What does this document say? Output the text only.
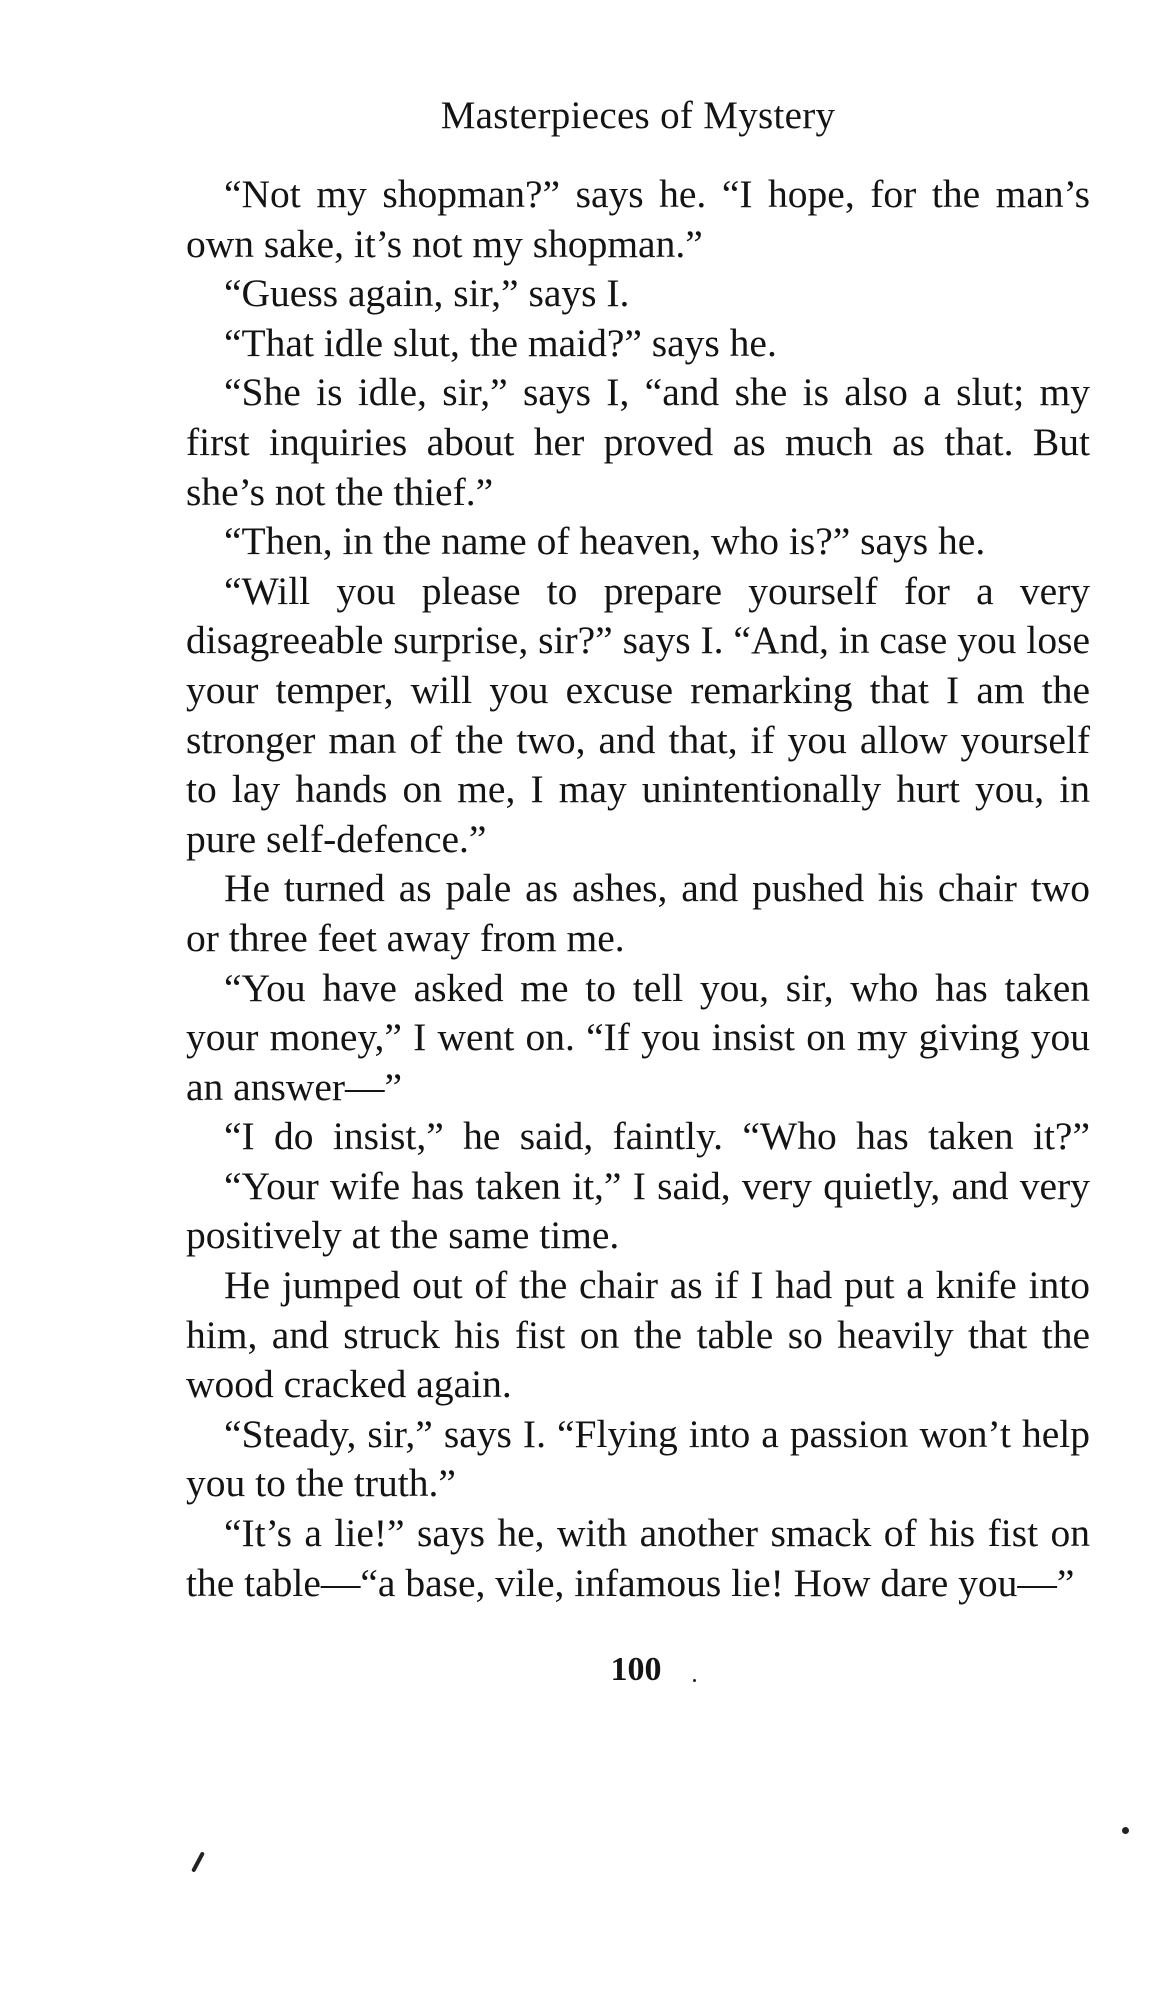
Masterpieces of Mystery

“Not my shopman?” says he. “I hope, for the man’s own sake, it’s not my shopman.”

“Guess again, sir,” says I.

“That idle slut, the maid?” says he.

“She is idle, sir,” says I, “and she is also a slut; my first inquiries about her proved as much as that. But she’s not the thief.”

“Then, in the name of heaven, who is?” says he.

“Will you please to prepare yourself for a very disagreeable surprise, sir?” says I. “And, in case you lose your temper, will you excuse remarking that I am the stronger man of the two, and that, if you allow yourself to lay hands on me, I may unintentionally hurt you, in pure self-defence.”

He turned as pale as ashes, and pushed his chair two or three feet away from me.

“You have asked me to tell you, sir, who has taken your money,” I went on. “If you insist on my giving you an answer—”

“I do insist,” he said, faintly. “Who has taken it?”

“Your wife has taken it,” I said, very quietly, and very positively at the same time.

He jumped out of the chair as if I had put a knife into him, and struck his fist on the table so heavily that the wood cracked again.

“Steady, sir,” says I. “Flying into a passion won’t help you to the truth.”

“It’s a lie!” says he, with another smack of his fist on the table—“a base, vile, infamous lie! How dare you—”

100
